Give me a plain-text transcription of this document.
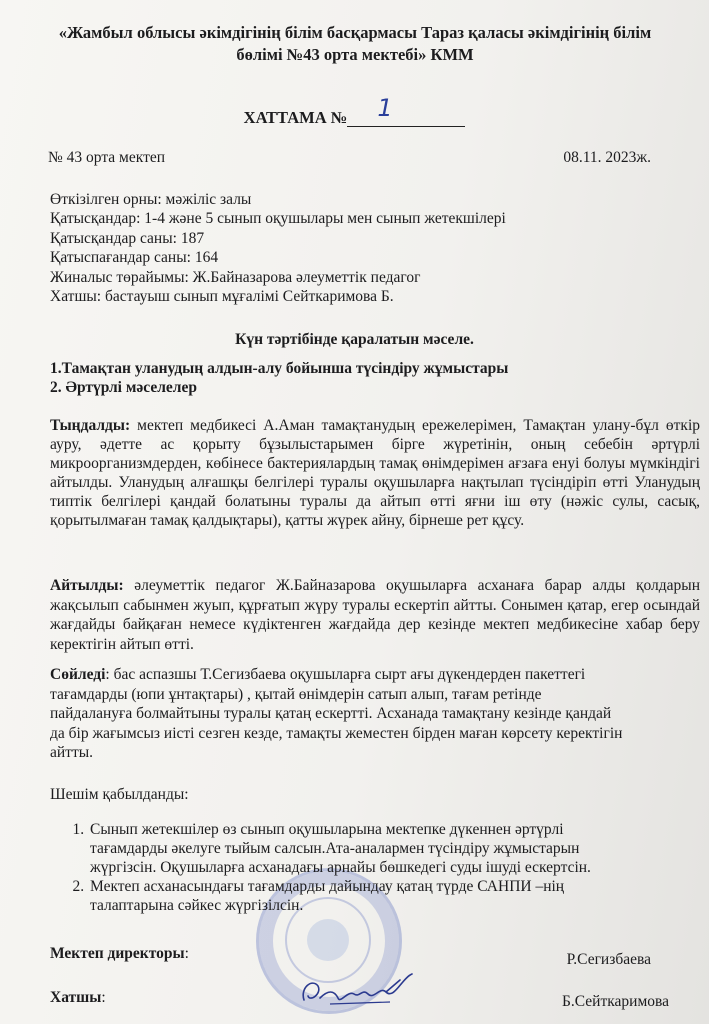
«Жамбыл облысы әкімдігінің білім басқармасы Тараз қаласы әкімдігінің білім
бөлімі №43 орта мектебі» КММ
ХАТТАМА № 1
№ 43 орта мектеп	08.11. 2023ж.
Өткізілген орны: мәжіліс залы
Қатысқандар: 1-4 және 5 сынып оқушылары мен сынып жетекшілері
Қатысқандар саны: 187
Қатыспағандар саны: 164
Жиналыс төрайымы: Ж.Байназарова әлеуметтік педагог
Хатшы: бастауыш сынып мұғалімі Сейткаримова Б.
Күн тәртібінде қаралатын мәселе.
1.Тамақтан уланудың алдын-алу бойынша түсіндіру жұмыстары
2. Әртүрлі мәселелер
Тыңдалды: мектеп медбикесі А.Аман тамақтанудың ережелерімен, Тамақтан улану-бұл өткір ауру, әдетте ас қорыту бұзылыстарымен бірге жүретінін, оның себебін әртүрлі микроорганизмдерден, көбінесе бактериялардың тамақ өнімдерімен ағзаға енуі болуы мүмкіндігі айтылды. Уланудың алғашқы белгілері туралы оқушыларға нақтылап түсіндіріп өтті Уланудың типтік белгілері қандай болатыны туралы да айтып өтті яғни іш өту (нәжіс сулы, сасық, қорытылмаған тамақ қалдықтары), қатты жүрек айну, бірнеше рет құсу.
Айтылды: әлеуметтік педагог Ж.Байназарова оқушыларға асханаға барар алды қолдарын жақсылып сабынмен жуып, құрғатып жүру туралы ескертіп айтты. Сонымен қатар, егер осындай жағдайды байқаған немесе күдіктенген жағдайда дер кезінде мектеп медбикесіне хабар беру керектігін айтып өтті.
Сөйледі: бас аспазшы Т.Сегизбаева оқушыларға сырт ағы дүкендерден пакеттегі
тағамдарды (юпи ұнтақтары) , қытай өнімдерін сатып алып, тағам ретінде
пайдалануға болмайтыны туралы қатаң ескертті. Асханада тамақтану кезінде қандай
да бір жағымсыз иісті сезген кезде, тамақты жеместен бірден маған көрсету керектігін
айтты.
Шешім қабылданды:
1. Сынып жетекшілер өз сынып оқушыларына мектепке дүкеннен әртүрлі
тағамдарды әкелуге тыйым салсын.Ата-аналармен түсіндіру жұмыстарын
жүргізсін. Оқушыларға асханадағы арнайы бөшкедегі суды ішуді ескертсін.
2. Мектеп асханасындағы тағамдарды дайындау қатаң түрде САНПИ –нің
талаптарына сәйкес жүргізілсін.
Мектеп директоры:	Р.Сегизбаева
Хатшы:	Б.Сейткаримова
